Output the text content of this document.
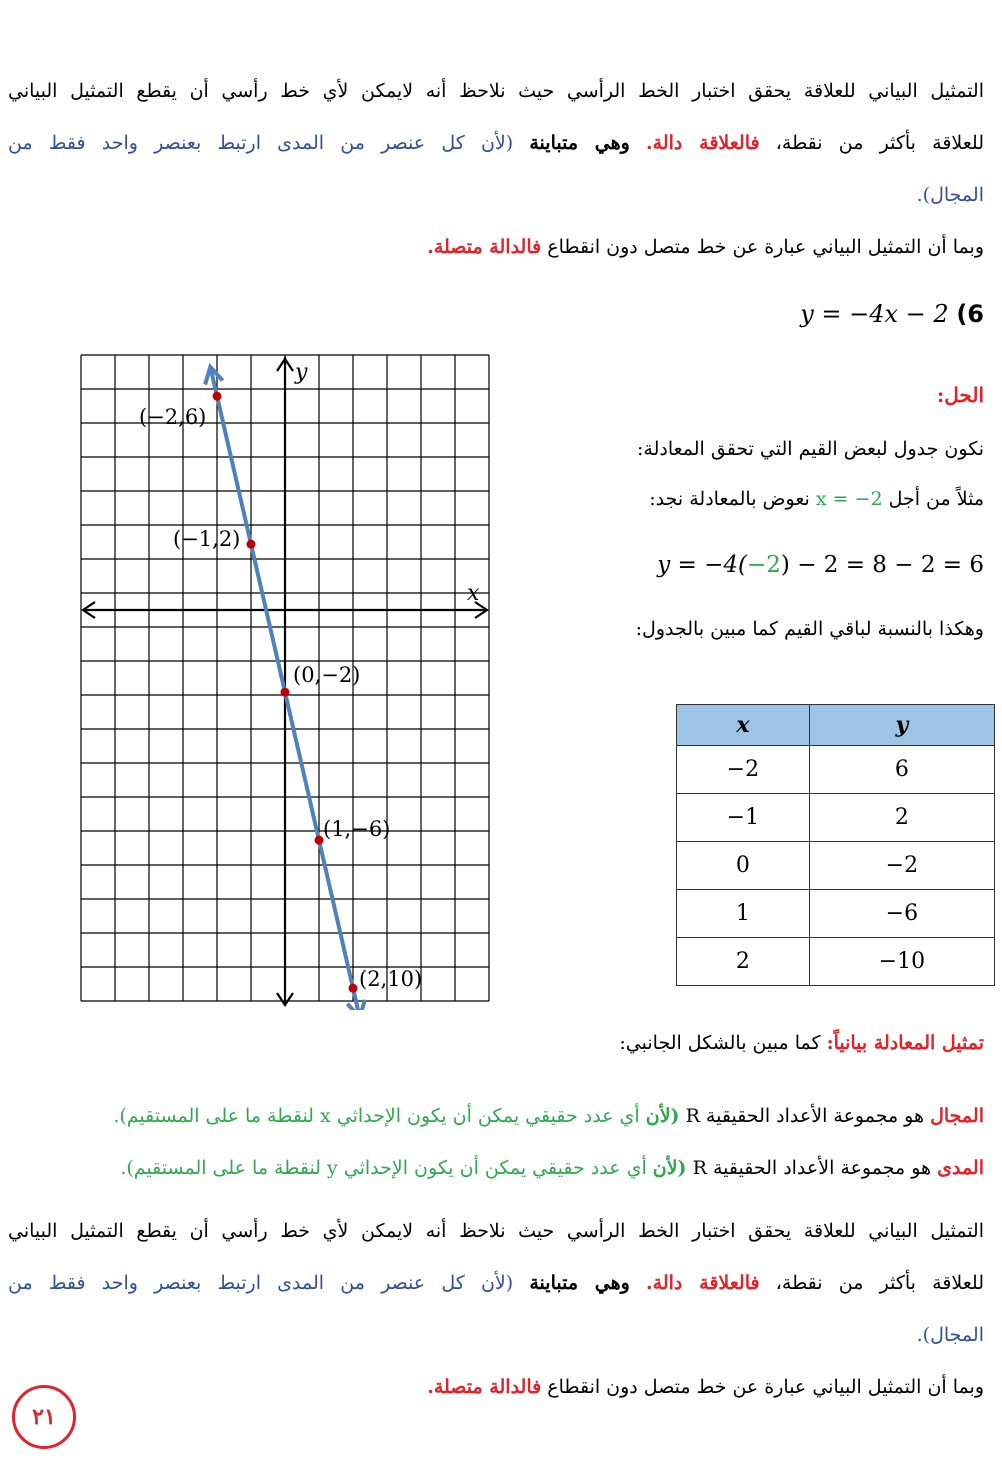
التمثيل البياني للعلاقة يحقق اختبار الخط الرأسي حيث نلاحظ أنه لايمكن لأي خط رأسي أن يقطع التمثيل البياني
للعلاقة بأكثر من نقطة، فالعلاقة دالة. وهي متباينة (لأن كل عنصر من المدى ارتبط بعنصر واحد فقط من
المجال).
وبما أن التمثيل البياني عبارة عن خط متصل دون انقطاع فالدالة متصلة.
y = −4x − 2 (6
الحل:
نكون جدول لبعض القيم التي تحقق المعادلة:
مثلاً من أجل x = −2 نعوض بالمعادلة نجد:
y = −4(−2) − 2 = 8 − 2 = 6
وهكذا بالنسبة لباقي القيم كما مبين بالجدول:
x	y
−2	6
−1	2
0	−2
1	−6
2	−10
x
y
(−2,6)
(−1,2)
(0,−2)
(1,−6)
(2,10)
تمثيل المعادلة بيانياً: كما مبين بالشكل الجانبي:
المجال هو مجموعة الأعداد الحقيقية R (لأن أي عدد حقيقي يمكن أن يكون الإحداثي x لنقطة ما على المستقيم).
المدى هو مجموعة الأعداد الحقيقية R (لأن أي عدد حقيقي يمكن أن يكون الإحداثي y لنقطة ما على المستقيم).
التمثيل البياني للعلاقة يحقق اختبار الخط الرأسي حيث نلاحظ أنه لايمكن لأي خط رأسي أن يقطع التمثيل البياني
للعلاقة بأكثر من نقطة، فالعلاقة دالة. وهي متباينة (لأن كل عنصر من المدى ارتبط بعنصر واحد فقط من
المجال).
وبما أن التمثيل البياني عبارة عن خط متصل دون انقطاع فالدالة متصلة.
٢١
